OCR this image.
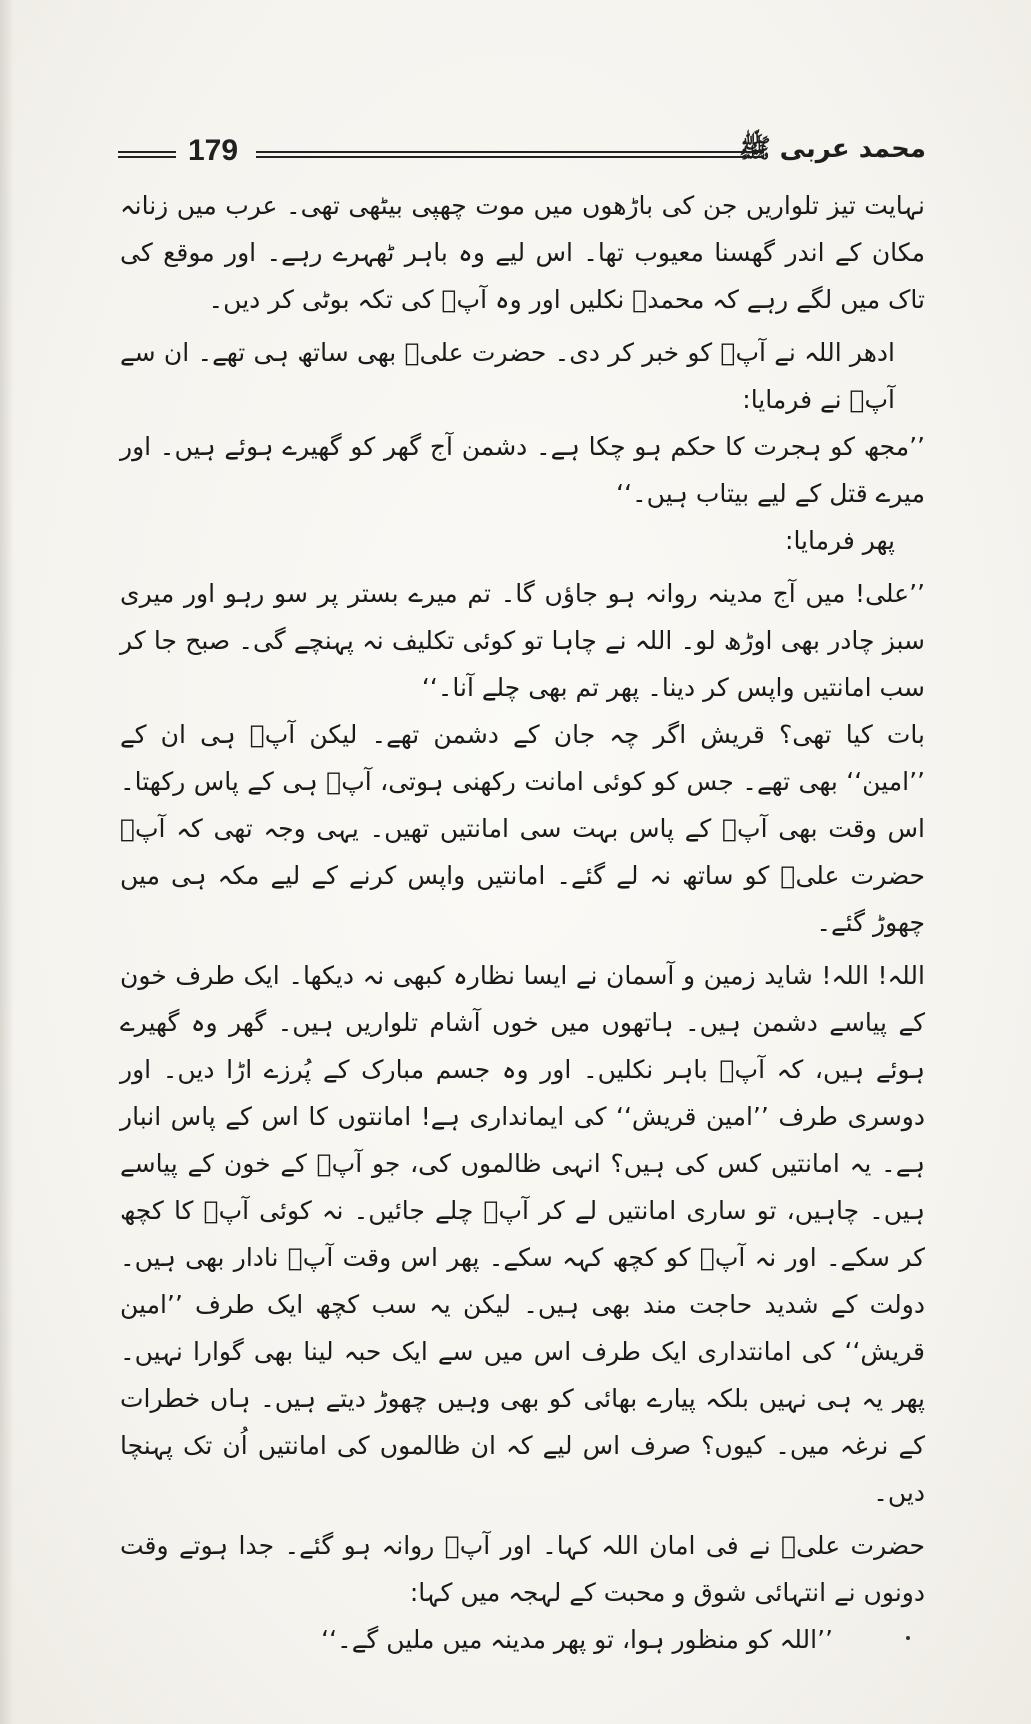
179	محمد عربی ﷺ

نہایت تیز تلواریں جن کی باڑھوں میں موت چھپی بیٹھی تھی۔ عرب میں زنانہ مکان کے اندر گھسنا معیوب تھا۔ اس لیے وہ باہر ٹھہرے رہے۔ اور موقع کی تاک میں لگے رہے کہ محمدؐ نکلیں اور وہ آپؐ کی تکہ بوٹی کر دیں۔

ادھر اللہ نے آپؐ کو خبر کر دی۔ حضرت علیؓ بھی ساتھ ہی تھے۔ ان سے آپؐ نے فرمایا:

’’مجھ کو ہجرت کا حکم ہو چکا ہے۔ دشمن آج گھر کو گھیرے ہوئے ہیں۔ اور میرے قتل کے لیے بیتاب ہیں۔‘‘

پھر فرمایا:

’’علی! میں آج مدینہ روانہ ہو جاؤں گا۔ تم میرے بستر پر سو رہو اور میری سبز چادر بھی اوڑھ لو۔ اللہ نے چاہا تو کوئی تکلیف نہ پہنچے گی۔ صبح جا کر سب امانتیں واپس کر دینا۔ پھر تم بھی چلے آنا۔‘‘

بات کیا تھی؟ قریش اگر چہ جان کے دشمن تھے۔ لیکن آپؐ ہی ان کے ’’امین‘‘ بھی تھے۔ جس کو کوئی امانت رکھنی ہوتی، آپؐ ہی کے پاس رکھتا۔ اس وقت بھی آپؐ کے پاس بہت سی امانتیں تھیں۔ یہی وجہ تھی کہ آپؐ حضرت علیؓ کو ساتھ نہ لے گئے۔ امانتیں واپس کرنے کے لیے مکہ ہی میں چھوڑ گئے۔

اللہ! اللہ! شاید زمین و آسمان نے ایسا نظارہ کبھی نہ دیکھا۔ ایک طرف خون کے پیاسے دشمن ہیں۔ ہاتھوں میں خوں آشام تلواریں ہیں۔ گھر وہ گھیرے ہوئے ہیں، کہ آپؐ باہر نکلیں۔ اور وہ جسم مبارک کے پُرزے اڑا دیں۔ اور دوسری طرف ’’امین قریش‘‘ کی ایمانداری ہے! امانتوں کا اس کے پاس انبار ہے۔ یہ امانتیں کس کی ہیں؟ انہی ظالموں کی، جو آپؐ کے خون کے پیاسے ہیں۔ چاہیں، تو ساری امانتیں لے کر آپؐ چلے جائیں۔ نہ کوئی آپؐ کا کچھ کر سکے۔ اور نہ آپؐ کو کچھ کہہ سکے۔ پھر اس وقت آپؐ نادار بھی ہیں۔ دولت کے شدید حاجت مند بھی ہیں۔ لیکن یہ سب کچھ ایک طرف ’’امین قریش‘‘ کی امانتداری ایک طرف اس میں سے ایک حبہ لینا بھی گوارا نہیں۔ پھر یہ ہی نہیں بلکہ پیارے بھائی کو بھی وہیں چھوڑ دیتے ہیں۔ ہاں خطرات کے نرغہ میں۔ کیوں؟ صرف اس لیے کہ ان ظالموں کی امانتیں اُن تک پہنچا دیں۔

حضرت علیؓ نے فی امان اللہ کہا۔ اور آپؐ روانہ ہو گئے۔ جدا ہوتے وقت دونوں نے انتہائی شوق و محبت کے لہجہ میں کہا:

’’اللہ کو منظور ہوا، تو پھر مدینہ میں ملیں گے۔‘‘
